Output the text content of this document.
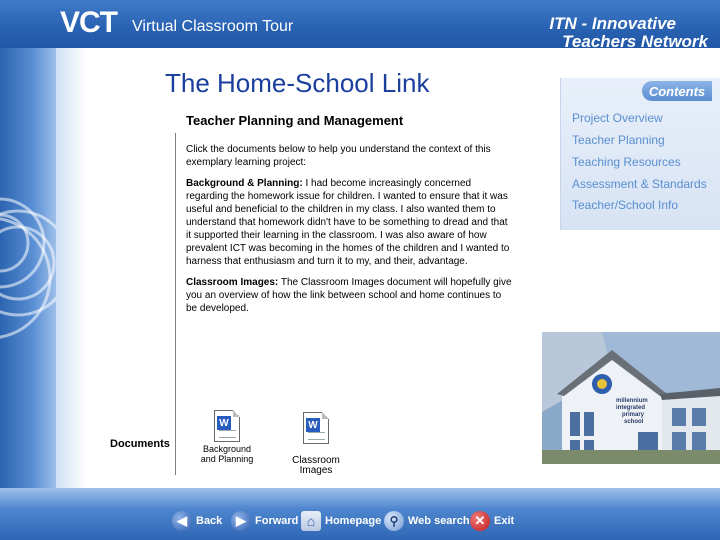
VCT Virtual Classroom Tour	ITN - Innovative
Teachers Network
Contents
Project Overview
Teacher Planning
Teaching Resources
Assessment & Standards
Teacher/School Info
millennium
integrated
primary
school
The Home-School Link
Teacher Planning and Management

Click the documents below to help you understand the context of this exemplary learning project:

Background & Planning: I had become increasingly concerned regarding the homework issue for children. I wanted to ensure that it was useful and beneficial to the children in my class. I also wanted them to understand that homework didn't have to be something to dread and that it supported their learning in the classroom. I was also aware of how prevalent ICT was becoming in the homes of the children and I wanted to harness that enthusiasm and turn it to my, and their, advantage.

Classroom Images: The Classroom Images document will hopefully give you an overview of how the link between school and home continues to be developed.

Documents
W
Background and Planning
W
Classroom Images
◀ Back	▶ Forward ⌂ Homepage ⚲ Web search ✕ Exit
